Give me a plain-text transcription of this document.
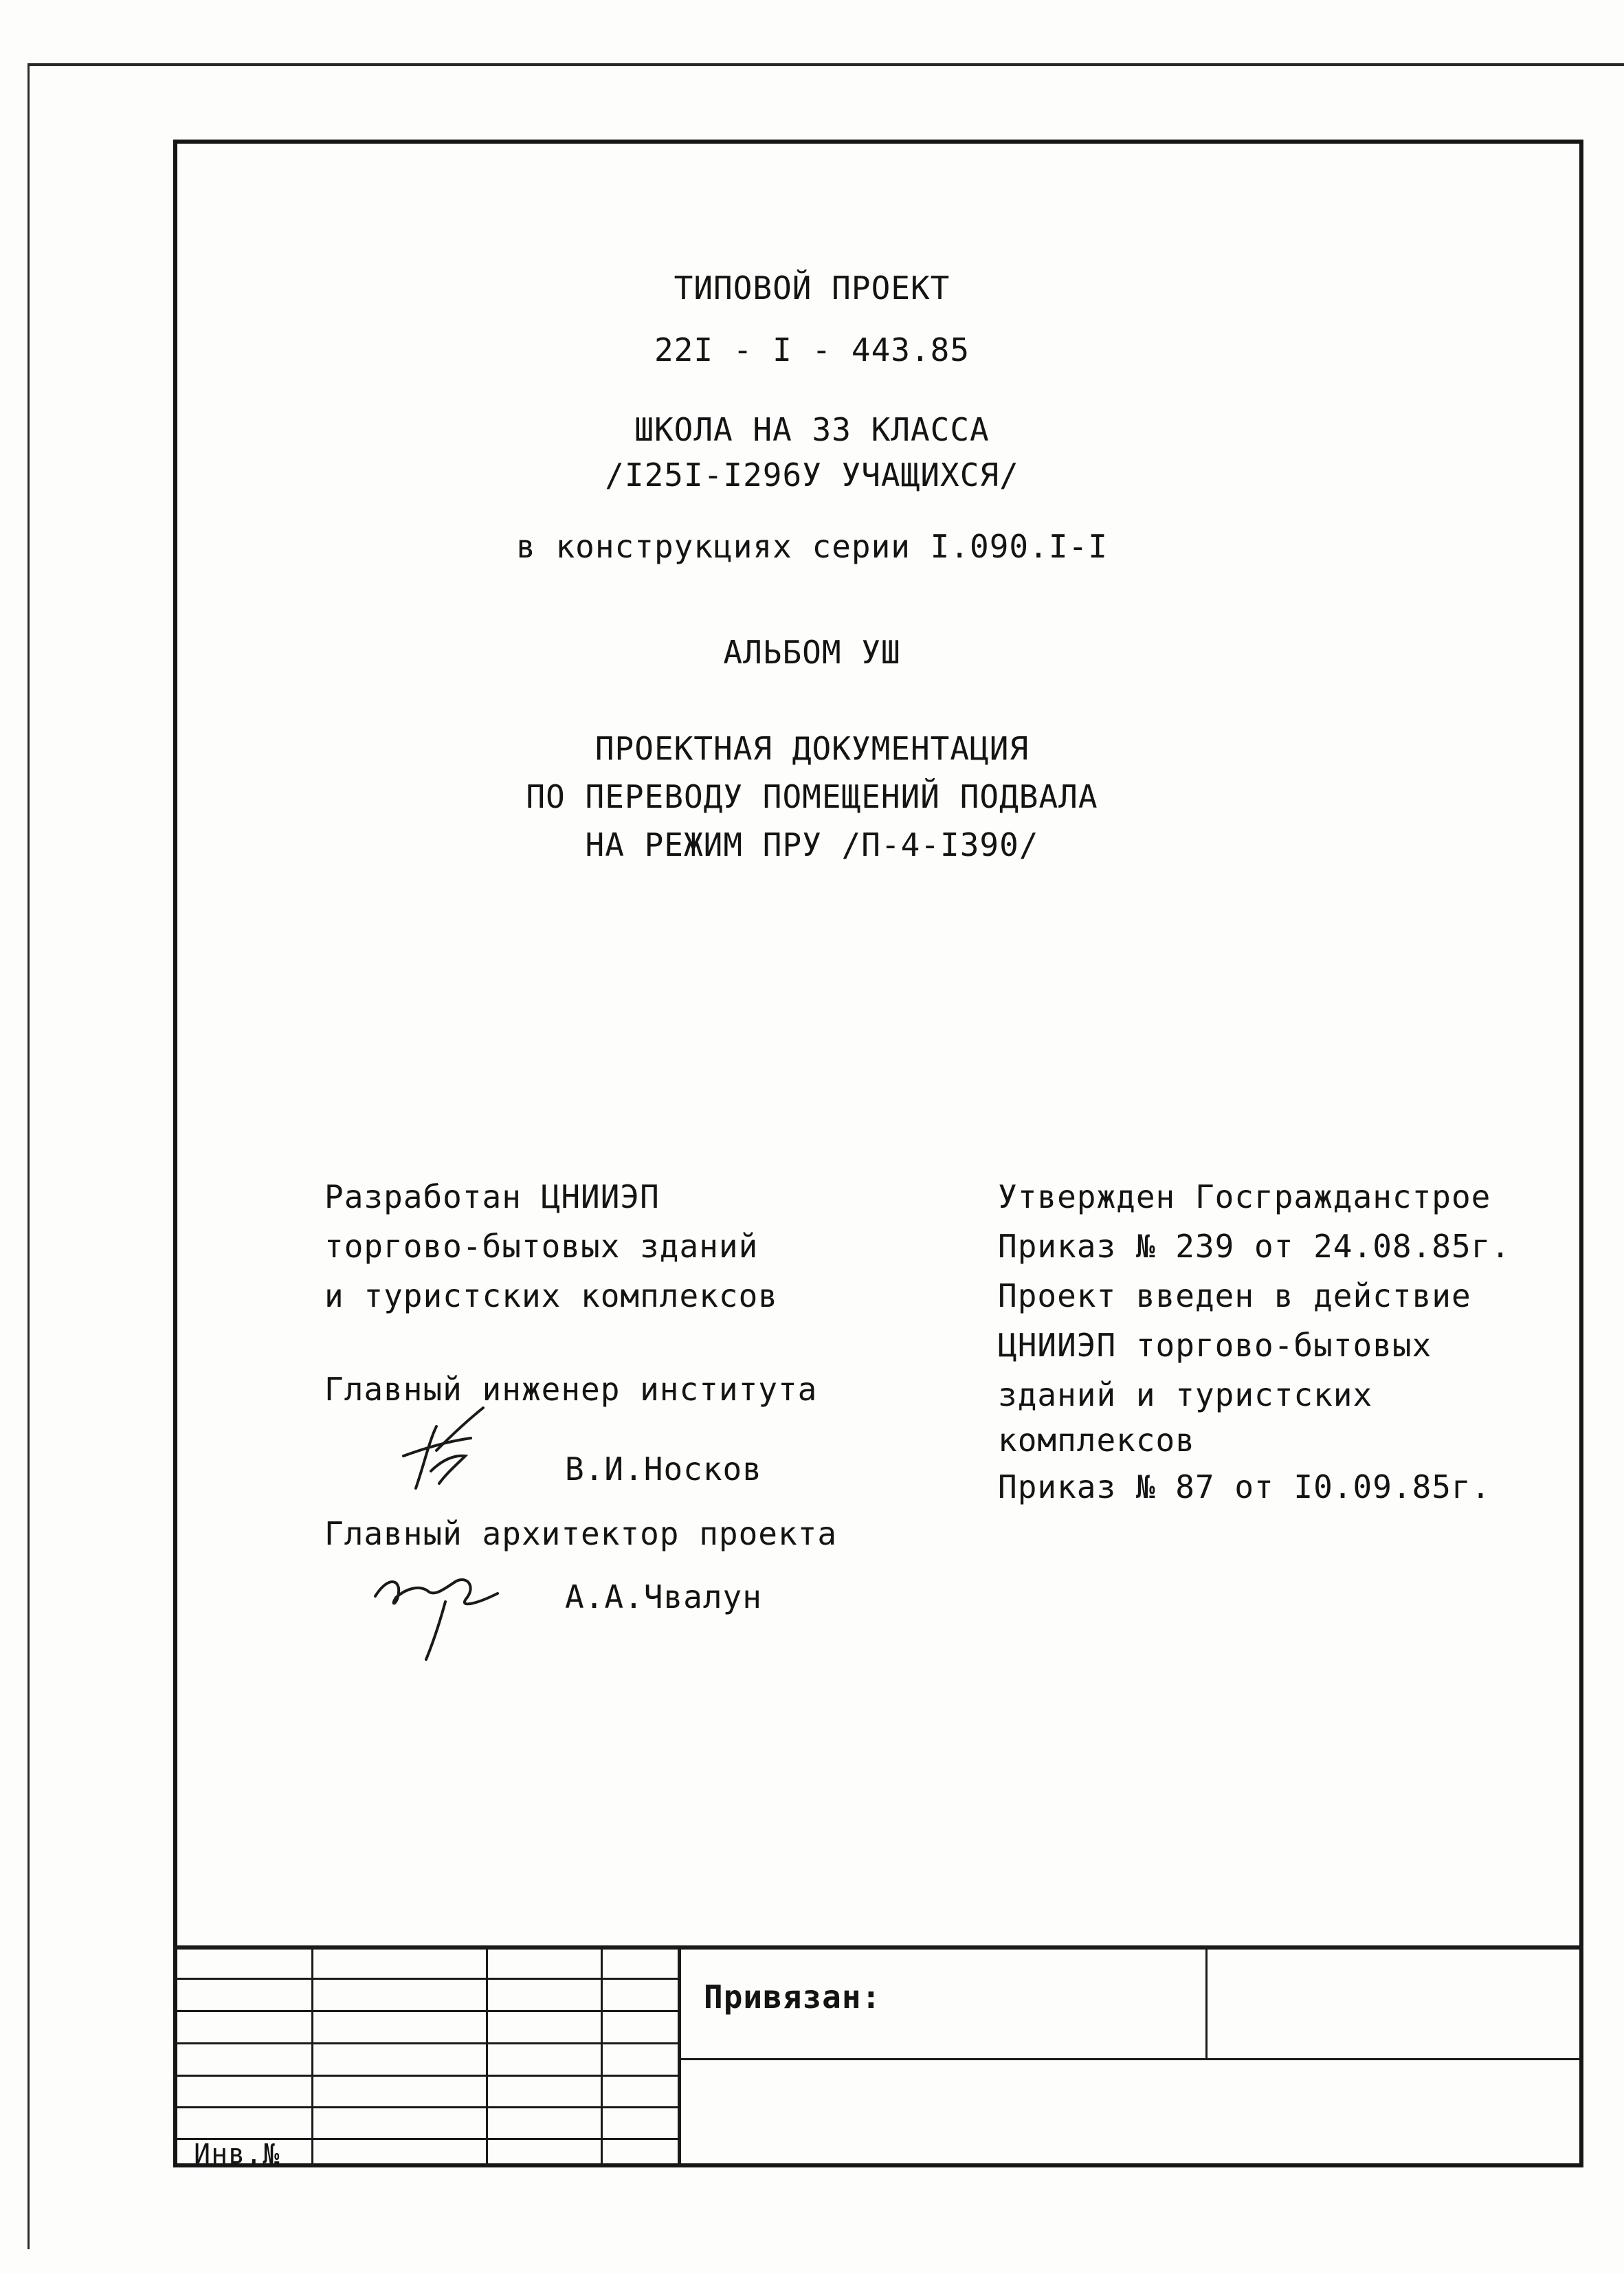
ТИПОВОЙ ПРОЕКТ
22I - I - 443.85
ШКОЛА НА 33 КЛАССА
/I25I-I296У УЧАЩИХСЯ/
в конструкциях серии I.090.I-I
АЛЬБОМ УШ
ПРОЕКТНАЯ ДОКУМЕНТАЦИЯ
ПО ПЕРЕВОДУ ПОМЕЩЕНИЙ ПОДВАЛА
НА РЕЖИМ ПРУ /П-4-I390/
Разработан ЦНИИЭП
торгово-бытовых зданий
и туристских комплексов
Главный инженер института
В.И.Носков
Главный архитектор проекта
А.А.Чвалун
Утвержден Госгражданстрое
Приказ № 239 от 24.08.85г.
Проект введен в действие
ЦНИИЭП торгово-бытовых
зданий и туристских
комплексов
Приказ № 87 от I0.09.85г.
Привязан:
Инв.№
